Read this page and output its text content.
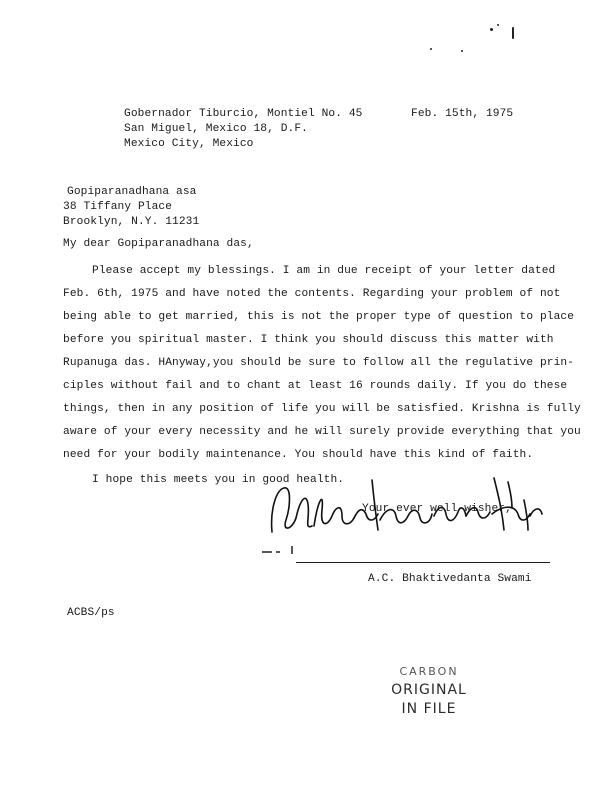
Gobernador Tiburcio, Montiel No. 45
San Miguel, Mexico 18, D.F.
Mexico City, Mexico
Feb. 15th, 1975
Gopiparanadhana asa
38 Tiffany Place
Brooklyn, N.Y. 11231
My dear Gopiparanadhana das,
Please accept my blessings. I am in due receipt of your letter dated
Feb. 6th, 1975 and have noted the contents. Regarding your problem of not
being able to get married, this is not the proper type of question to place
before you spiritual master. I think you should discuss this matter with
Rupanuga das. HAnyway,you should be sure to follow all the regulative prin-
ciples without fail and to chant at least 16 rounds daily. If you do these
things, then in any position of life you will be satisfied. Krishna is fully
aware of your every necessity and he will surely provide everything that you
need for your bodily maintenance. You should have this kind of faith.
I hope this meets you in good health.
Your ever well-wisher,
A.C. Bhaktivedanta Swami
ACBS/ps
CARBON
ORIGINAL
IN FILE
